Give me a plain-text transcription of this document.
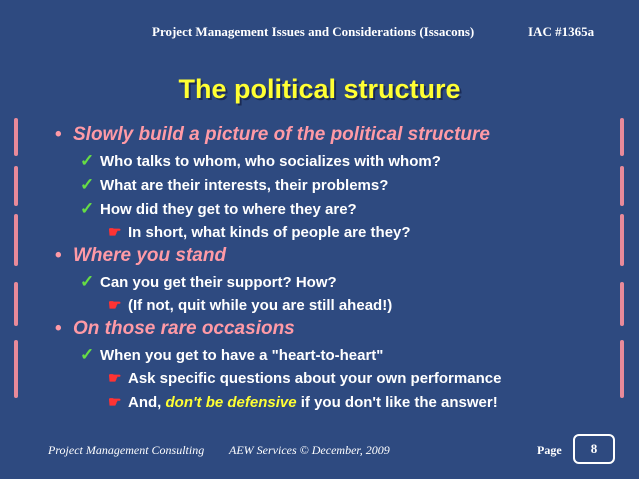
Project Management Issues and Considerations (Issacons)	IAC #1365a
The political structure
• Slowly build a picture of the political structure
✓ Who talks to whom, who socializes with whom?
✓ What are their interests, their problems?
✓ How did they get to where they are?
☛ In short, what kinds of people are they?
• Where you stand
✓ Can you get their support? How?
☛ (If not, quit while you are still ahead!)
• On those rare occasions
✓ When you get to have a "heart-to-heart"
☛ Ask specific questions about your own performance
☛ And, don't be defensive if you don't like the answer!
Project Management Consulting AEW Services © December, 2009	Page	8
